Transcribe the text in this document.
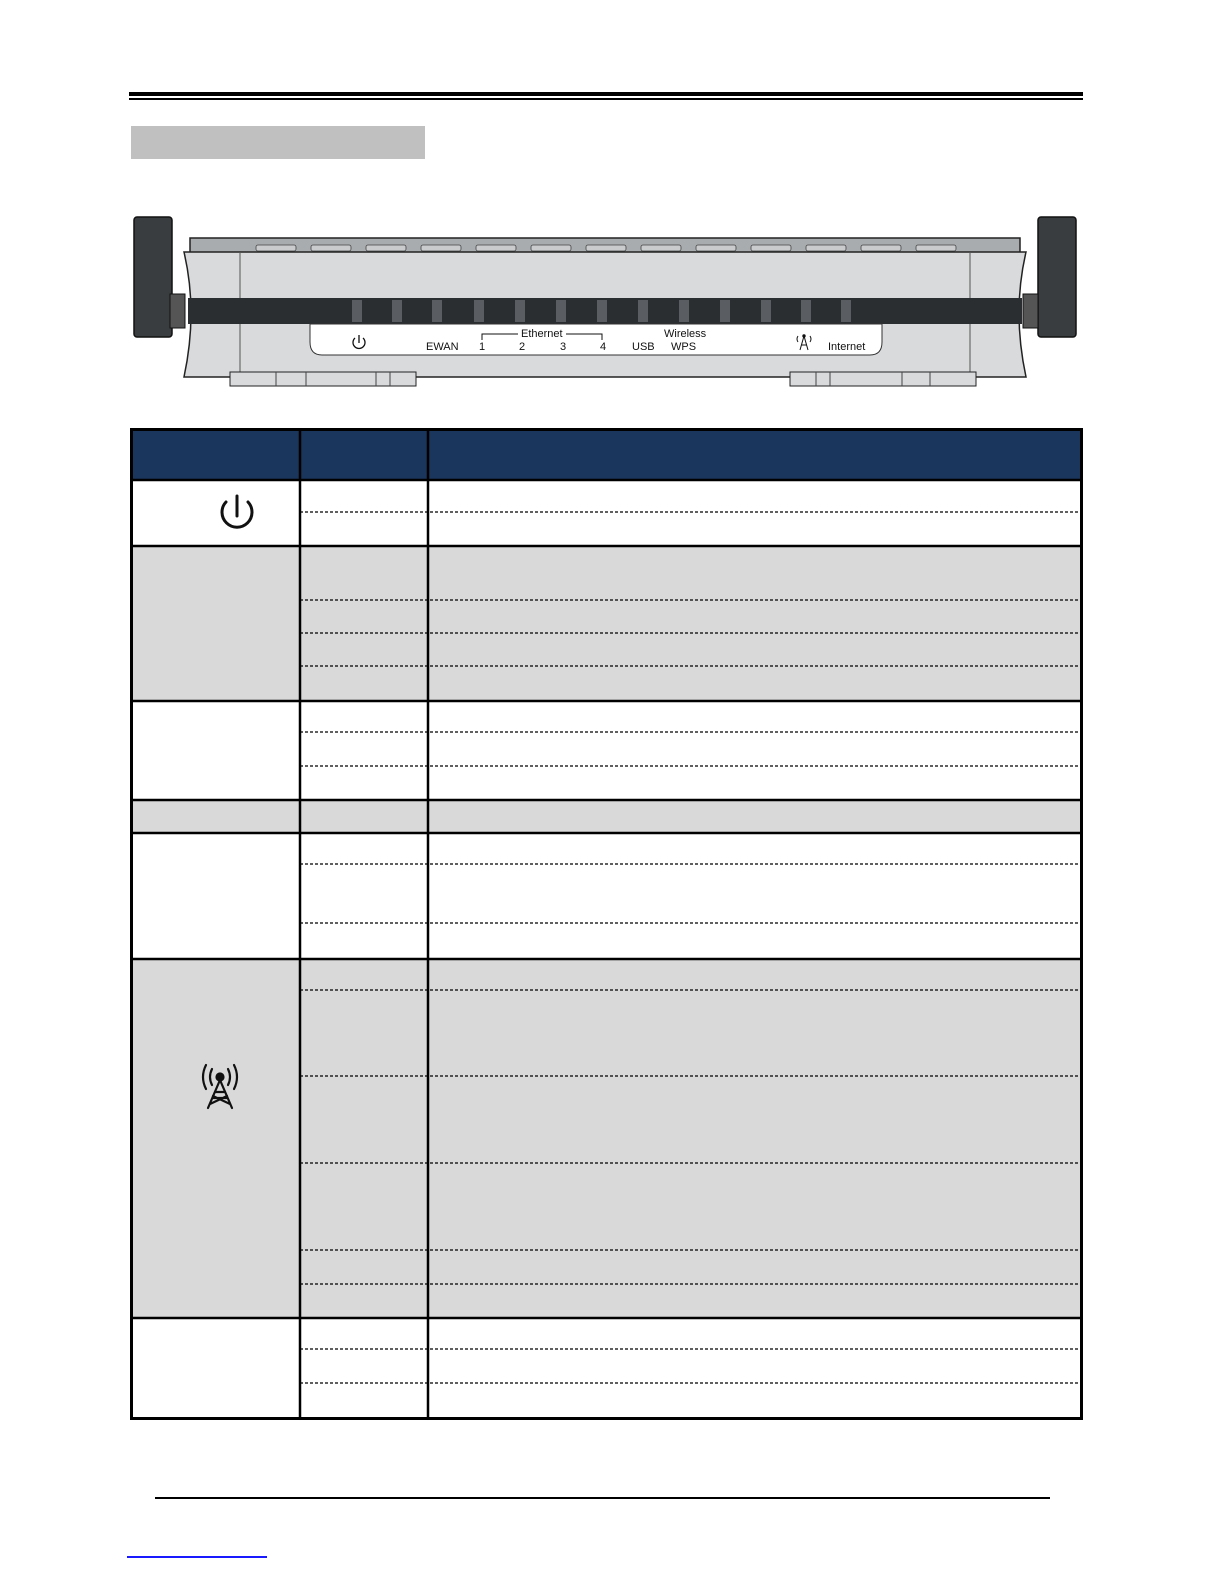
EWAN
Ethernet
1	2	3	4 USB
Wireless
WPS	Internet
